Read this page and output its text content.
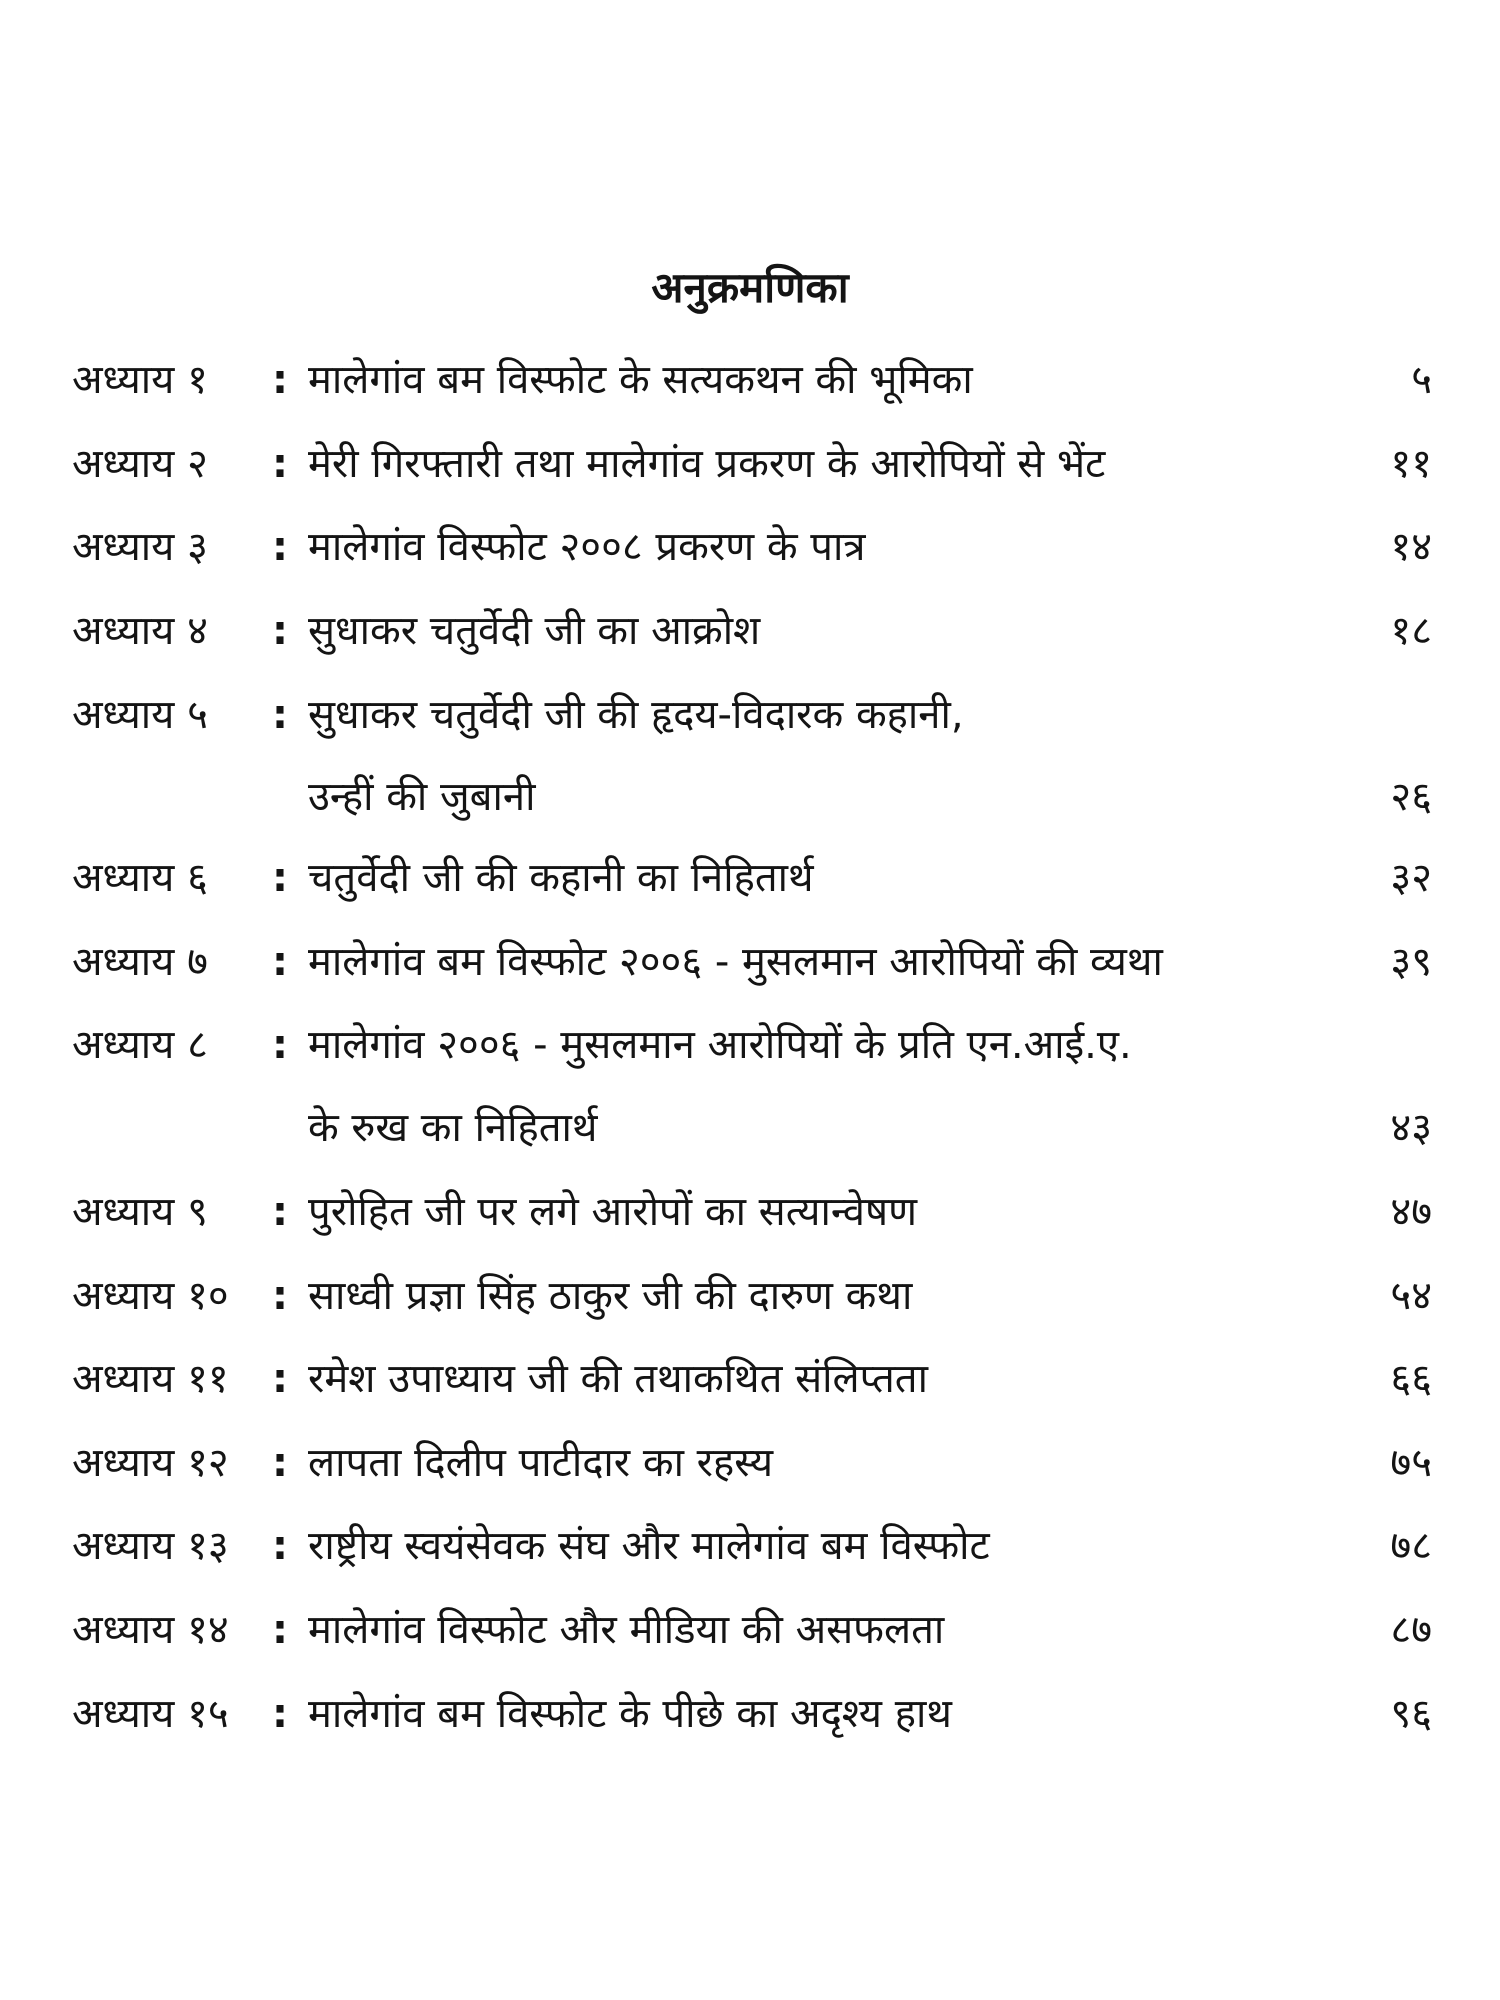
अनुक्रमणिका
अध्याय १ : मालेगांव बम विस्फोट के सत्यकथन की भूमिका	५
अध्याय २ : मेरी गिरफ्तारी तथा मालेगांव प्रकरण के आरोपियों से भेंट	११
अध्याय ३ : मालेगांव विस्फोट २००८ प्रकरण के पात्र	१४
अध्याय ४ : सुधाकर चतुर्वेदी जी का आक्रोश	१८
अध्याय ५ : सुधाकर चतुर्वेदी जी की हृदय-विदारक कहानी,
उन्हीं की जुबानी	२६
अध्याय ६ : चतुर्वेदी जी की कहानी का निहितार्थ	३२
अध्याय ७ : मालेगांव बम विस्फोट २००६ - मुसलमान आरोपियों की व्यथा	३९
अध्याय ८ : मालेगांव २००६ - मुसलमान आरोपियों के प्रति एन.आई.ए.
के रुख का निहितार्थ	४३
अध्याय ९ : पुरोहित जी पर लगे आरोपों का सत्यान्वेषण	४७
अध्याय १० : साध्वी प्रज्ञा सिंह ठाकुर जी की दारुण कथा	५४
अध्याय ११ : रमेश उपाध्याय जी की तथाकथित संलिप्तता	६६
अध्याय १२ : लापता दिलीप पाटीदार का रहस्य	७५
अध्याय १३ : राष्ट्रीय स्वयंसेवक संघ और मालेगांव बम विस्फोट	७८
अध्याय १४ : मालेगांव विस्फोट और मीडिया की असफलता	८७
अध्याय १५ : मालेगांव बम विस्फोट के पीछे का अदृश्य हाथ	९६
